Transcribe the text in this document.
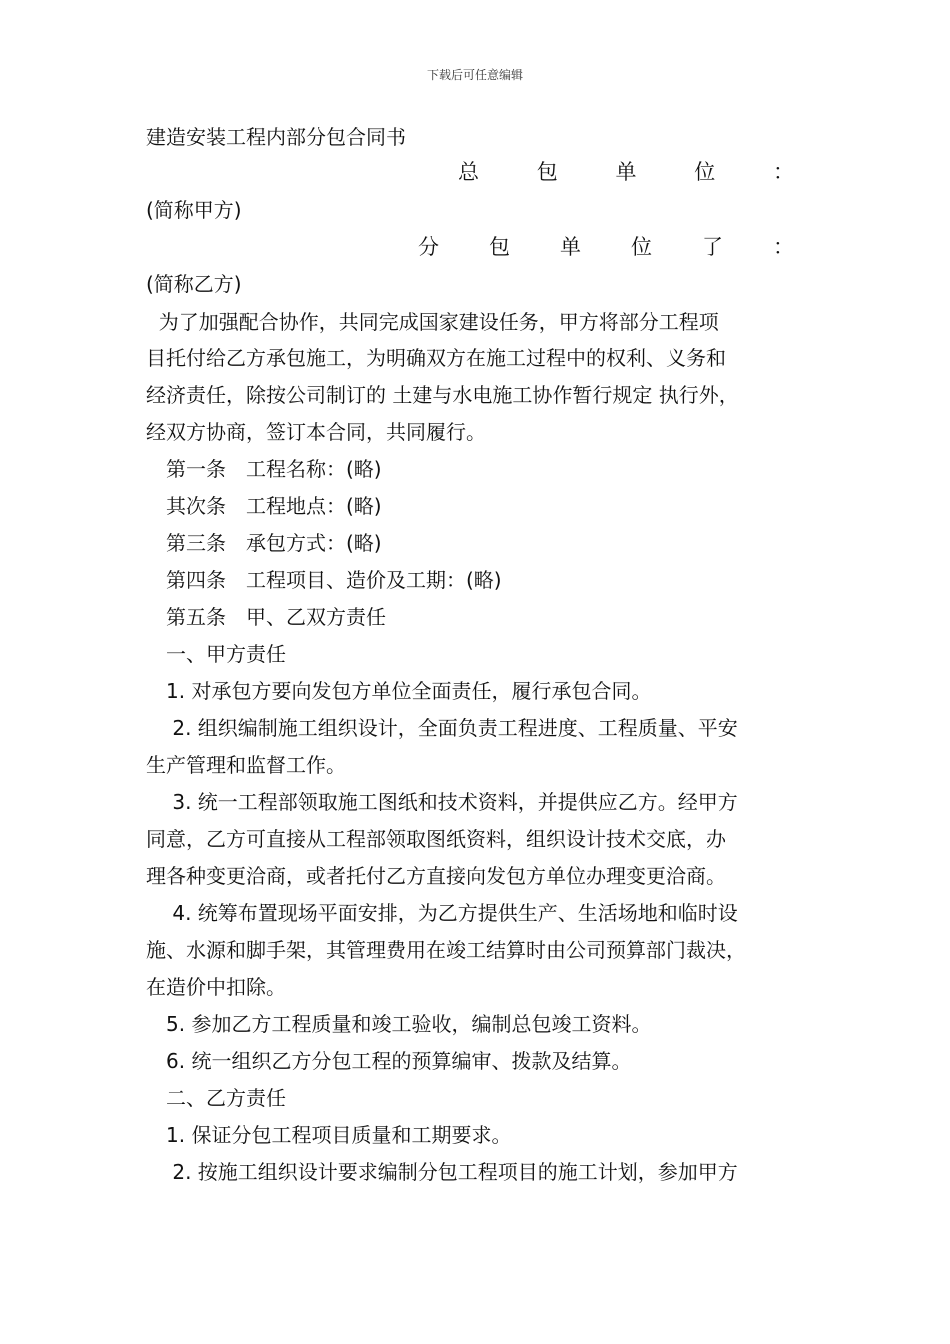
下载后可任意编辑
建造安装工程内部分包合同书
总	包	单	位	：
(简称甲方)
分 包 单 位 了 ：
(简称乙方)
为了加强配合协作，共同完成国家建设任务，甲方将部分工程项
目托付给乙方承包施工，为明确双方在施工过程中的权利、义务和
经济责任，除按公司制订的 土建与水电施工协作暂行规定 执行外，
经双方协商，签订本合同，共同履行。
第一条　工程名称：(略)
其次条　工程地点：(略)
第三条　承包方式：(略)
第四条　工程项目、造价及工期：(略)
第五条　甲、乙双方责任
一、甲方责任
1. 对承包方要向发包方单位全面责任，履行承包合同。
2. 组织编制施工组织设计，全面负责工程进度、工程质量、平安
生产管理和监督工作。
3. 统一工程部领取施工图纸和技术资料，并提供应乙方。经甲方
同意，乙方可直接从工程部领取图纸资料，组织设计技术交底，办
理各种变更洽商，或者托付乙方直接向发包方单位办理变更洽商。
4. 统筹布置现场平面安排，为乙方提供生产、生活场地和临时设
施、水源和脚手架，其管理费用在竣工结算时由公司预算部门裁决，
在造价中扣除。
5. 参加乙方工程质量和竣工验收，编制总包竣工资料。
6. 统一组织乙方分包工程的预算编审、拨款及结算。
二、乙方责任
1. 保证分包工程项目质量和工期要求。
2. 按施工组织设计要求编制分包工程项目的施工计划，参加甲方
